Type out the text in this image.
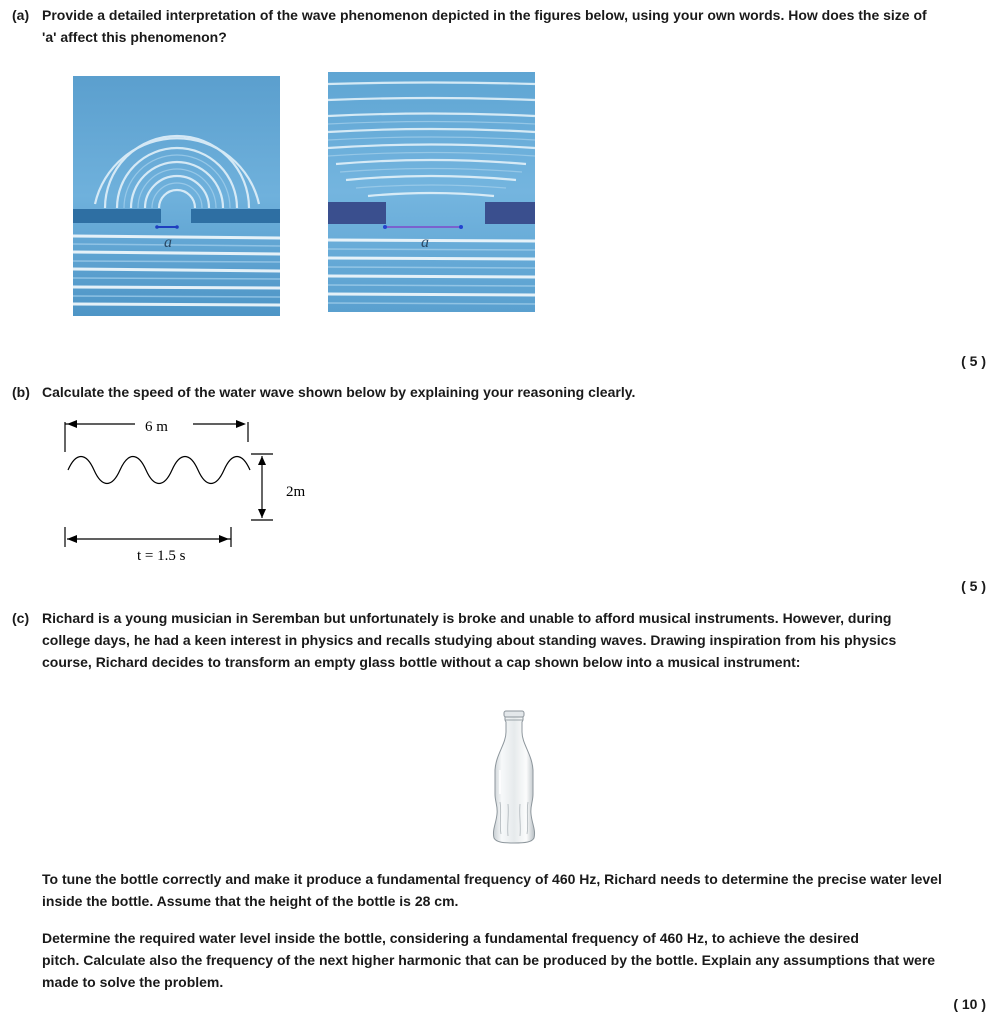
(a) Provide a detailed interpretation of the wave phenomenon depicted in the figures below, using your own words. How does the size of

'a' affect this phenomenon?

a	a
( 5 )
(b) Calculate the speed of the water wave shown below by explaining your reasoning clearly.
6 m
2m
t = 1.5 s
( 5 )
(c) Richard is a young musician in Seremban but unfortunately is broke and unable to afford musical instruments. However, during

college days, he had a keen interest in physics and recalls studying about standing waves. Drawing inspiration from his physics

course, Richard decides to transform an empty glass bottle without a cap shown below into a musical instrument:

To tune the bottle correctly and make it produce a fundamental frequency of 460 Hz, Richard needs to determine the precise water level

inside the bottle. Assume that the height of the bottle is 28 cm.

Determine the required water level inside the bottle, considering a fundamental frequency of 460 Hz, to achieve the desired

pitch. Calculate also the frequency of the next higher harmonic that can be produced by the bottle. Explain any assumptions that were

made to solve the problem.

( 10 )
